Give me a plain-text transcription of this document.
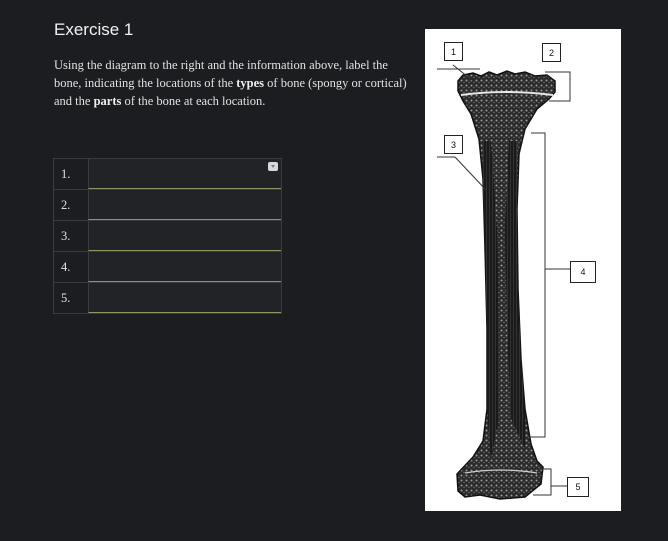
Exercise 1
Using the diagram to the right and the information above, label the bone, indicating the locations of the types of bone (spongy or cortical) and the parts of the bone at each location.
1.
2.
3.
4.
5.
1	2
3
4
5
